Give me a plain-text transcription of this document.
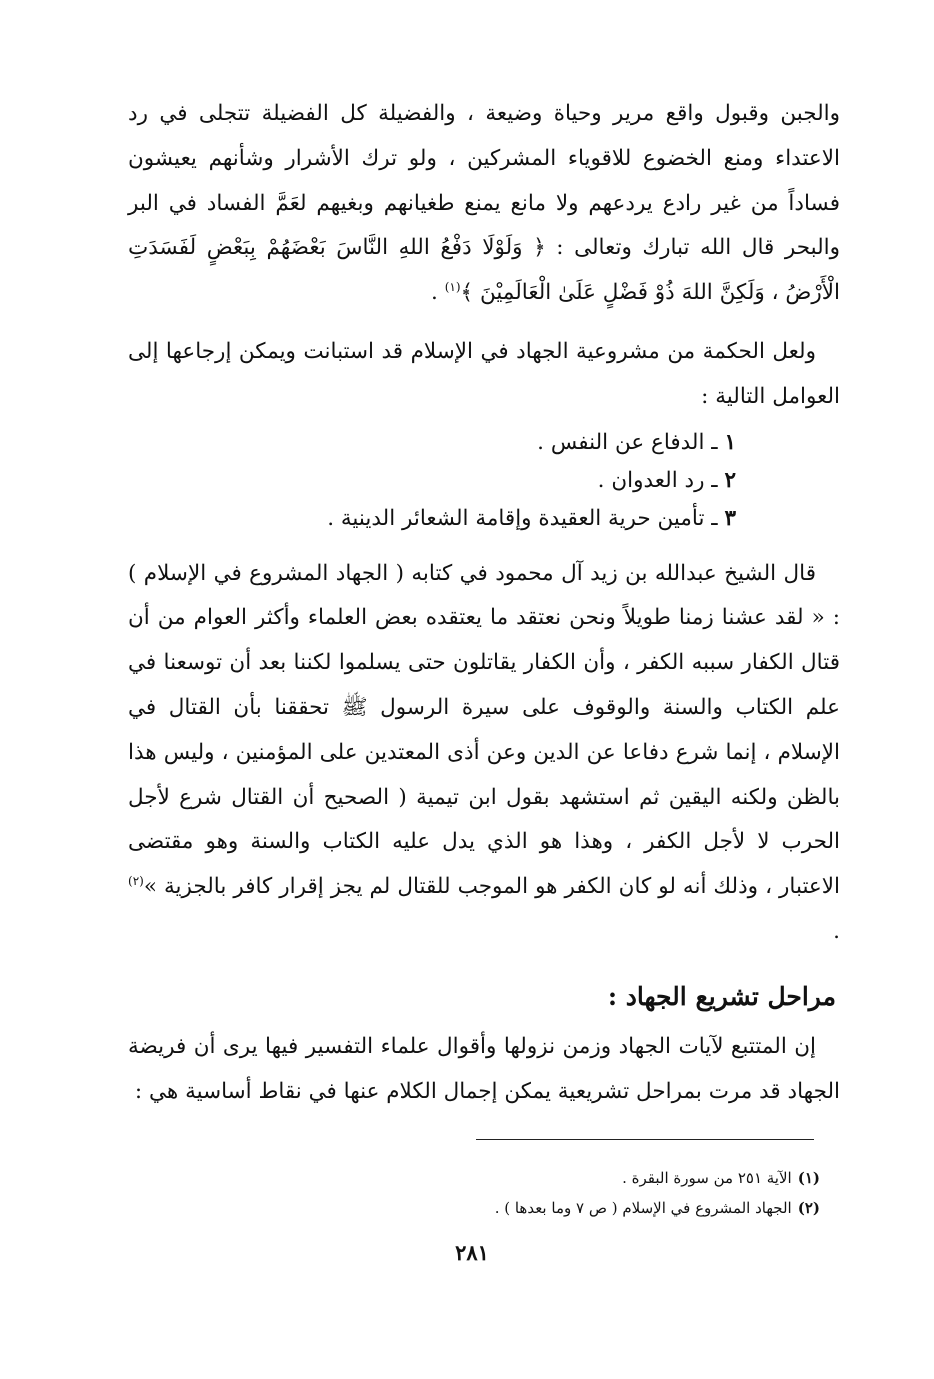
والجبن وقبول واقع مرير وحياة وضيعة ، والفضيلة كل الفضيلة تتجلى في رد الاعتداء ومنع الخضوع للاقوياء المشركين ، ولو ترك الأشرار وشأنهم يعيشون فساداً من غير رادع يردعهم ولا مانع يمنع طغيانهم وبغيهم لعَمَّ الفساد في البر والبحر قال الله تبارك وتعالى : ﴿ وَلَوْلَا دَفْعُ اللهِ النَّاسَ بَعْضَهُمْ بِبَعْضٍ لَفَسَدَتِ الْأَرْضُ ، وَلَكِنَّ اللهَ ذُوْ فَضْلٍ عَلَىٰ الْعَالَمِيْنَ ﴾$^{(١)}$ .

ولعل الحكمة من مشروعية الجهاد في الإسلام قد استبانت ويمكن إرجاعها إلى العوامل التالية :

١ ـ الدفاع عن النفس .
٢ ـ رد العدوان .
٣ ـ تأمين حرية العقيدة وإقامة الشعائر الدينية .

قال الشيخ عبدالله بن زيد آل محمود في كتابه ( الجهاد المشروع في الإسلام ) : « لقد عشنا زمنا طويلاً ونحن نعتقد ما يعتقده بعض العلماء وأكثر العوام من أن قتال الكفار سببه الكفر ، وأن الكفار يقاتلون حتى يسلموا لكننا بعد أن توسعنا في علم الكتاب والسنة والوقوف على سيرة الرسول ﷺ تحققنا بأن القتال في الإسلام ، إنما شرع دفاعا عن الدين وعن أذى المعتدين على المؤمنين ، وليس هذا بالظن ولكنه اليقين ثم استشهد بقول ابن تيمية ( الصحيح أن القتال شرع لأجل الحرب لا لأجل الكفر ، وهذا هو الذي يدل عليه الكتاب والسنة وهو مقتضى الاعتبار ، وذلك أنه لو كان الكفر هو الموجب للقتال لم يجز إقرار كافر بالجزية »$^{(٢)}$ .

مراحل تشريع الجهاد :

إن المتتبع لآيات الجهاد وزمن نزولها وأقوال علماء التفسير فيها يرى أن فريضة الجهاد قد مرت بمراحل تشريعية يمكن إجمال الكلام عنها في نقاط أساسية هي :

(١)الآية ٢٥١ من سورة البقرة .

(٢)الجهاد المشروع في الإسلام ( ص ٧ وما بعدها ) .

٢٨١
